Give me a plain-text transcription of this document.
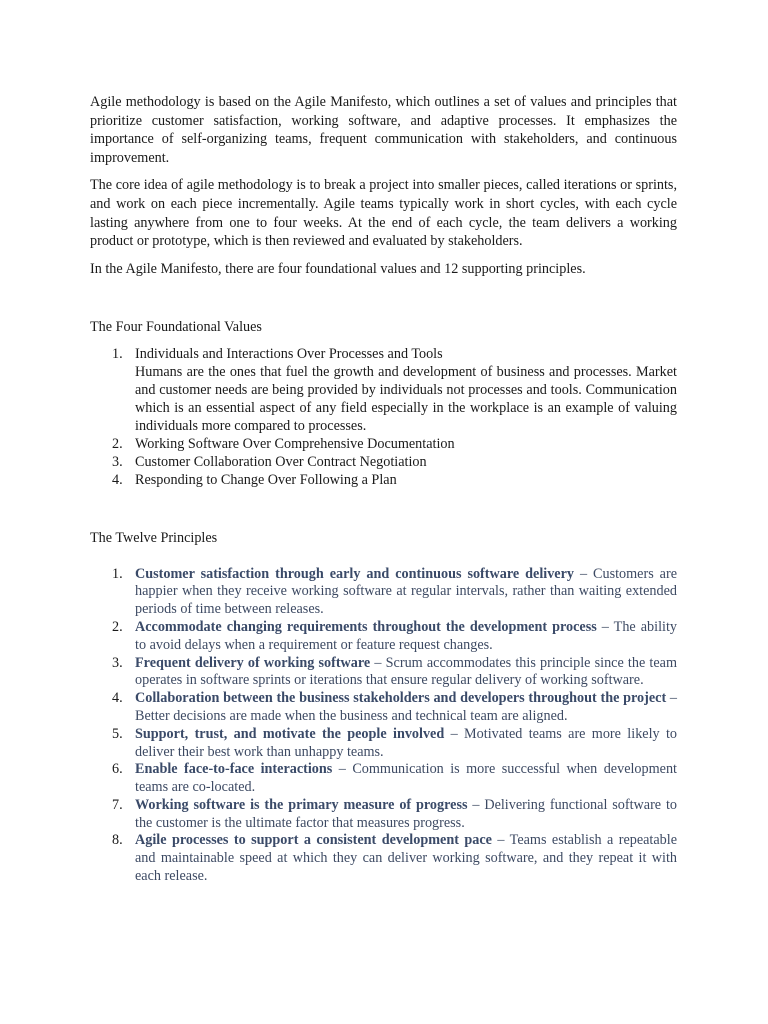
Agile methodology is based on the Agile Manifesto, which outlines a set of values and principles that prioritize customer satisfaction, working software, and adaptive processes. It emphasizes the importance of self-organizing teams, frequent communication with stakeholders, and continuous improvement.

The core idea of agile methodology is to break a project into smaller pieces, called iterations or sprints, and work on each piece incrementally. Agile teams typically work in short cycles, with each cycle lasting anywhere from one to four weeks. At the end of each cycle, the team delivers a working product or prototype, which is then reviewed and evaluated by stakeholders.

In the Agile Manifesto, there are four foundational values and 12 supporting principles.

The Four Foundational Values
1. Individuals and Interactions Over Processes and Tools
Humans are the ones that fuel the growth and development of business and processes. Market and customer needs are being provided by individuals not processes and tools. Communication which is an essential aspect of any field especially in the workplace is an example of valuing individuals more compared to processes.
2. Working Software Over Comprehensive Documentation
3. Customer Collaboration Over Contract Negotiation
4. Responding to Change Over Following a Plan
The Twelve Principles
1. Customer satisfaction through early and continuous software delivery – Customers are happier when they receive working software at regular intervals, rather than waiting extended periods of time between releases.
2. Accommodate changing requirements throughout the development process – The ability to avoid delays when a requirement or feature request changes.
3. Frequent delivery of working software – Scrum accommodates this principle since the team operates in software sprints or iterations that ensure regular delivery of working software.
4. Collaboration between the business stakeholders and developers throughout the project – Better decisions are made when the business and technical team are aligned.
5. Support, trust, and motivate the people involved – Motivated teams are more likely to deliver their best work than unhappy teams.
6. Enable face-to-face interactions – Communication is more successful when development teams are co-located.
7. Working software is the primary measure of progress – Delivering functional software to the customer is the ultimate factor that measures progress.
8. Agile processes to support a consistent development pace – Teams establish a repeatable and maintainable speed at which they can deliver working software, and they repeat it with each release.
